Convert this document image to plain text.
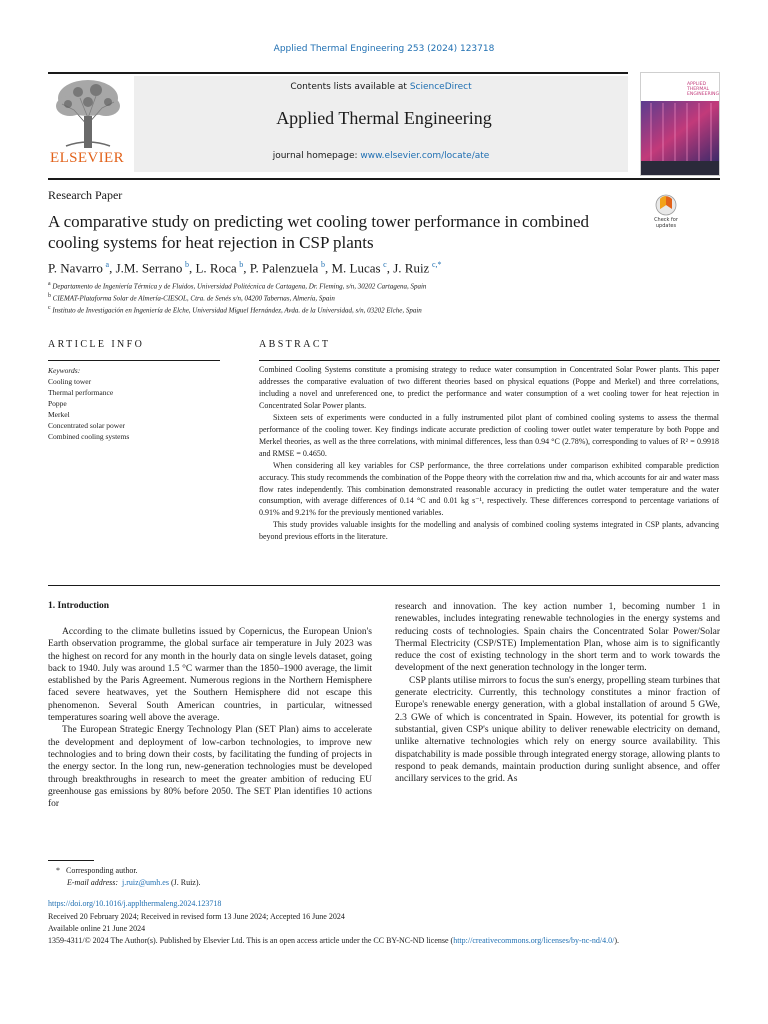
Applied Thermal Engineering 253 (2024) 123718
ELSEVIER
Contents lists available at ScienceDirect
Applied Thermal Engineering
journal homepage: www.elsevier.com/locate/ate
APPLIED
THERMAL
ENGINEERING
Research Paper
A comparative study on predicting wet cooling tower performance in combined cooling systems for heat rejection in CSP plants
Check for
updates
P. Navarro  $^a$, J.M. Serrano  $^b$, L. Roca  $^b$, P. Palenzuela  $^b$, M. Lucas  $^c$, J. Ruiz  $^{c,*}$
$^a$ Departamento de Ingeniería Térmica y de Fluidos, Universidad Politécnica de Cartagena, Dr. Fleming, s/n, 30202 Cartagena, Spain
$^b$ CIEMAT-Plataforma Solar de Almería-CIESOL, Ctra. de Senés s/n, 04200 Tabernas, Almería, Spain
$^c$ Instituto de Investigación en Ingeniería de Elche, Universidad Miguel Hernández, Avda. de la Universidad, s/n, 03202 Elche, Spain
ARTICLE INFO	ABSTRACT
Keywords:
Cooling tower
Thermal performance
Poppe
Merkel
Concentrated solar power
Combined cooling systems

Combined Cooling Systems constitute a promising strategy to reduce water consumption in Concentrated Solar Power plants. This paper addresses the comparative evaluation of two different theories based on physical equations (Poppe and Merkel) and three correlations, including a novel and unreferenced one, to predict the performance and water consumption of a wet cooling tower for heat rejection in Concentrated Solar Power plants.

Sixteen sets of experiments were conducted in a fully instrumented pilot plant of combined cooling systems to assess the thermal performance of the cooling tower. Key findings indicate accurate prediction of cooling tower outlet water temperature by both Poppe and Merkel theories, as well as the three correlations, with minimal differences, less than 0.94 °C (2.78%), corresponding to values of R² = 0.9918 and RMSE = 0.4650.

When considering all key variables for CSP performance, the three correlations under comparison exhibited comparable prediction accuracy. This study recommends the combination of the Poppe theory with the correlation ṁw and ṁa, which accounts for air and water mass flow rates independently. This combination demonstrated reasonable accuracy in predicting the outlet water temperature and the water consumption, with average differences of 0.14 °C and 0.01 kg s⁻¹, respectively. These differences correspond to percentage variations of 0.91% and 9.21% for the previously mentioned variables.

This study provides valuable insights for the modelling and analysis of combined cooling systems integrated in CSP plants, advancing beyond previous efforts in the literature.

1. Introduction

According to the climate bulletins issued by Copernicus, the European Union's Earth observation programme, the global surface air temperature in July 2023 was the highest on record for any month in the hourly data on single levels dataset, going back to 1940. July was around 1.5 °C warmer than the 1850–1900 average, the limit established by the Paris Agreement. Numerous regions in the Northern Hemisphere faced severe heatwaves, yet the Southern Hemisphere did not escape this phenomenon. Several South American countries, in particular, witnessed temperatures soaring well above the average.

The European Strategic Energy Technology Plan (SET Plan) aims to accelerate the development and deployment of low-carbon technologies, to improve new technologies and to bring down their costs, by facilitating the funding of projects in the energy sector. In the long run, new-generation technologies must be developed through breakthroughs in research to meet the greater ambition of reducing EU greenhouse gas emissions by 80% before 2050. The SET Plan identifies 10 actions for

research and innovation. The key action number 1, becoming number 1 in renewables, includes integrating renewable technologies in the energy systems and reducing costs of technologies. Spain chairs the Concentrated Solar Power/Solar Thermal Electricity (CSP/STE) Implementation Plan, whose aim is to significantly reduce the cost of existing technology in the short term and to work towards the development of the next generation technology in the longer term.

CSP plants utilise mirrors to focus the sun's energy, propelling steam turbines that generate electricity. Currently, this technology constitutes a minor fraction of Europe's renewable energy generation, with a global installation of around 5 GWe, 2.3 GWe of which is concentrated in Spain. However, its potential for growth is substantial, given CSP's unique ability to deliver renewable electricity on demand, unlike alternative technologies which rely on energy source availability. This dispatchability is made possible through integrated energy storage, allowing plants to respond to peak demands, maintain production during sunlight absence, and offer ancillary services to the grid. As

* Corresponding author.
E-mail address: j.ruiz@umh.es (J. Ruiz).
https://doi.org/10.1016/j.applthermaleng.2024.123718
Received 20 February 2024; Received in revised form 13 June 2024; Accepted 16 June 2024
Available online 21 June 2024
1359-4311/© 2024 The Author(s). Published by Elsevier Ltd. This is an open access article under the CC BY-NC-ND license (http://creativecommons.org/licenses/by-nc-nd/4.0/).
